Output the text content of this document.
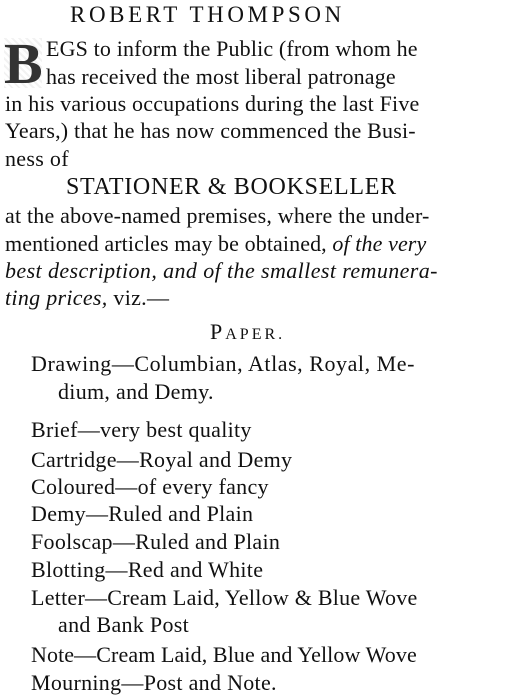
ROBERT THOMPSON
B EGS to inform the Public (from whom he
has received the most liberal patronage
in his various occupations during the last Five
Years,) that he has now commenced the Busi-
ness of
STATIONER & BOOKSELLER
at the above-named premises, where the under-
mentioned articles may be obtained, of the very
best description, and of the smallest remunera-
ting prices, viz.—
PAPER.
Drawing—Columbian, Atlas, Royal, Me-
dium, and Demy.
Brief—very best quality
Cartridge—Royal and Demy
Coloured—of every fancy
Demy—Ruled and Plain
Foolscap—Ruled and Plain
Blotting—Red and White
Letter—Cream Laid, Yellow & Blue Wove
and Bank Post
Note—Cream Laid, Blue and Yellow Wove
Mourning—Post and Note.
